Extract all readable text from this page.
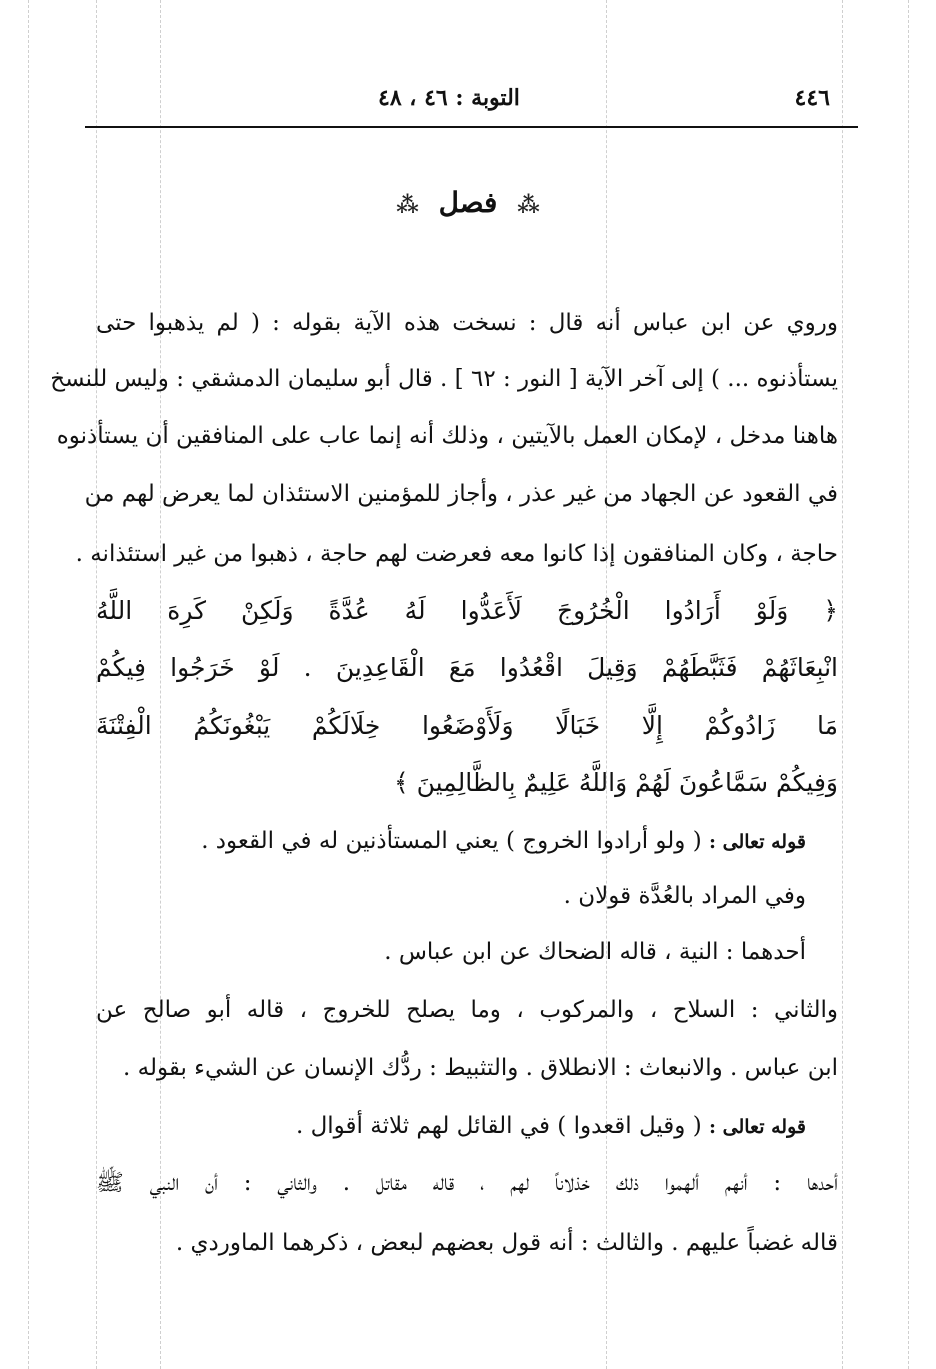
٤٤٦
التوبة : ٤٦ ، ٤٨
⁂ فصل ⁂
وروي عن ابن عباس أنه قال : نسخت هذه الآية بقوله : ( لم يذهبوا حتى
يستأذنوه ... ) إلى آخر الآية [ النور : ٦٢ ] . قال أبو سليمان الدمشقي : وليس للنسخ
هاهنا مدخل ، لإمكان العمل بالآيتين ، وذلك أنه إنما عاب على المنافقين أن يستأذنوه
في القعود عن الجهاد من غير عذر ، وأجاز للمؤمنين الاستئذان لما يعرض لهم من
حاجة ، وكان المنافقون إذا كانوا معه فعرضت لهم حاجة ، ذهبوا من غير استئذانه .
﴿ وَلَوْ أَرَادُوا الْخُرُوجَ لَأَعَدُّوا لَهُ عُدَّةً وَلَكِنْ كَرِهَ اللَّهُ
انْبِعَاثَهُمْ فَثَبَّطَهُمْ وَقِيلَ اقْعُدُوا مَعَ الْقَاعِدِينَ . لَوْ خَرَجُوا فِيكُمْ
مَا زَادُوكُمْ إِلَّا خَبَالًا وَلَأَوْضَعُوا خِلَالَكُمْ يَبْغُونَكُمُ الْفِتْنَةَ
وَفِيكُمْ سَمَّاعُونَ لَهُمْ وَاللَّهُ عَلِيمٌ بِالظَّالِمِينَ ﴾
قوله تعالى : ( ولو أرادوا الخروج ) يعني المستأذنين له في القعود .
وفي المراد بالعُدَّة قولان .
أحدهما : النية ، قاله الضحاك عن ابن عباس .
والثاني : السلاح ، والمركوب ، وما يصلح للخروج ، قاله أبو صالح عن
ابن عباس . والانبعاث : الانطلاق . والتثبيط : ردُّك الإنسان عن الشيء بقوله .
قوله تعالى : ( وقيل اقعدوا ) في القائل لهم ثلاثة أقوال .
أحدها : أنهم ألهموا ذلك خذلاناً لهم ، قاله مقاتل . والثاني : أن النبي ﷺ
قاله غضباً عليهم . والثالث : أنه قول بعضهم لبعض ، ذكرهما الماوردي .
